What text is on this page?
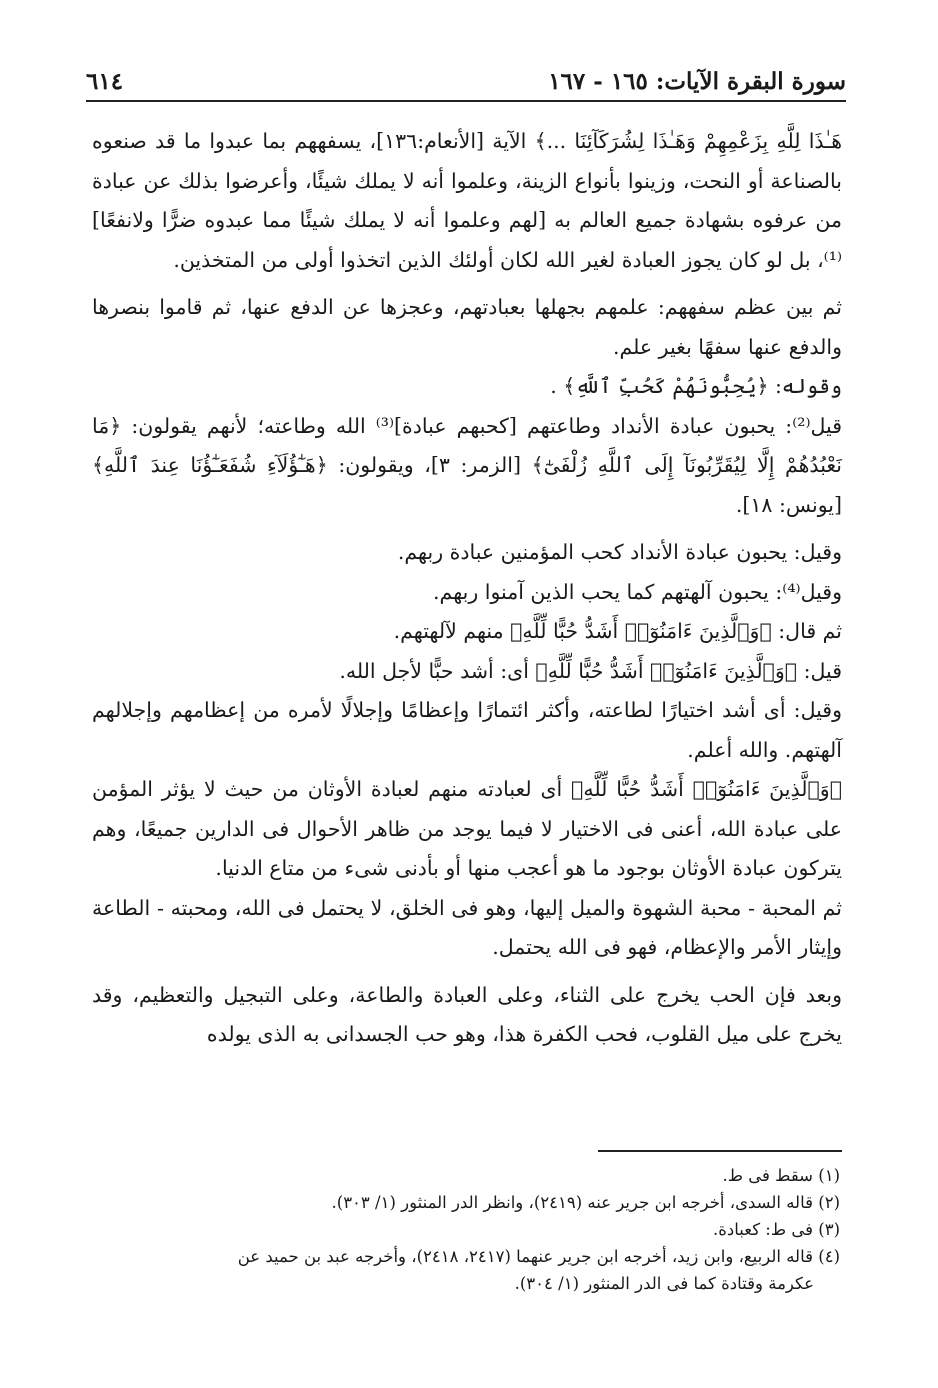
سورة البقرة الآيات: ١٦٥ - ١٦٧
٦١٤

هَـٰذَا لِلَّهِ بِزَعْمِهِمْ وَهَـٰذَا لِشُرَكَآئِنَا ...﴾ الآية [الأنعام:١٣٦]، يسفههم بما عبدوا ما قد صنعوه بالصناعة أو النحت، وزينوا بأنواع الزينة، وعلموا أنه لا يملك شيئًا، وأعرضوا بذلك عن عبادة من عرفوه بشهادة جميع العالم به [لهم وعلموا أنه لا يملك شيئًا مما عبدوه ضرًّا ولانفعًا]⁽¹⁾، بل لو كان يجوز العبادة لغير الله لكان أولئك الذين اتخذوا أولى من المتخذين.

ثم بين عظم سفههم: علمهم بجهلها بعبادتهم، وعجزها عن الدفع عنها، ثم قاموا بنصرها والدفع عنها سفهًا بغير علم.

وقوله: ﴿يُحِبُّونَهُمْ كَحُبِّ ٱللَّهِ﴾ .

قيل⁽²⁾: يحبون عبادة الأنداد وطاعتهم [كحبهم عبادة]⁽³⁾ الله وطاعته؛ لأنهم يقولون: ﴿مَا نَعْبُدُهُمْ إِلَّا لِيُقَرِّبُونَآ إِلَى ٱللَّهِ زُلْفَىٰٓ﴾ [الزمر: ٣]، ويقولون: ﴿هَـٰٓؤُلَآءِ شُفَعَـٰٓؤُنَا عِندَ ٱللَّهِ﴾ [يونس: ١٨].

وقيل: يحبون عبادة الأنداد كحب المؤمنين عبادة ربهم.

وقيل⁽⁴⁾: يحبون آلهتهم كما يحب الذين آمنوا ربهم.

ثم قال: ﴿وَٱلَّذِينَ ءَامَنُوٓا۟ أَشَدُّ حُبًّا لِّلَّهِ﴾ منهم لآلهتهم.

قيل: ﴿وَٱلَّذِينَ ءَامَنُوٓا۟ أَشَدُّ حُبًّا لِّلَّهِ﴾ أى: أشد حبًّا لأجل الله.

وقيل: أى أشد اختيارًا لطاعته، وأكثر ائتمارًا وإعظامًا وإجلالًا لأمره من إعظامهم وإجلالهم آلهتهم. والله أعلم.

﴿وَٱلَّذِينَ ءَامَنُوٓا۟ أَشَدُّ حُبًّا لِّلَّهِ﴾ أى لعبادته منهم لعبادة الأوثان من حيث لا يؤثر المؤمن على عبادة الله، أعنى فى الاختيار لا فيما يوجد من ظاهر الأحوال فى الدارين جميعًا، وهم يتركون عبادة الأوثان بوجود ما هو أعجب منها أو بأدنى شىء من متاع الدنيا.

ثم المحبة - محبة الشهوة والميل إليها، وهو فى الخلق، لا يحتمل فى الله، ومحبته - الطاعة وإيثار الأمر والإعظام، فهو فى الله يحتمل.

وبعد فإن الحب يخرج على الثناء، وعلى العبادة والطاعة، وعلى التبجيل والتعظيم، وقد يخرج على ميل القلوب، فحب الكفرة هذا، وهو حب الجسدانى به الذى يولده

(١) سقط فى ط.

(٢) قاله السدى، أخرجه ابن جرير عنه (٢٤١٩)، وانظر الدر المنثور (١/ ٣٠٣).

(٣) فى ط: كعبادة.

(٤) قاله الربيع، وابن زيد، أخرجه ابن جرير عنهما (٢٤١٧، ٢٤١٨)، وأخرجه عبد بن حميد عن

عكرمة وقتادة كما فى الدر المنثور (١/ ٣٠٤).
